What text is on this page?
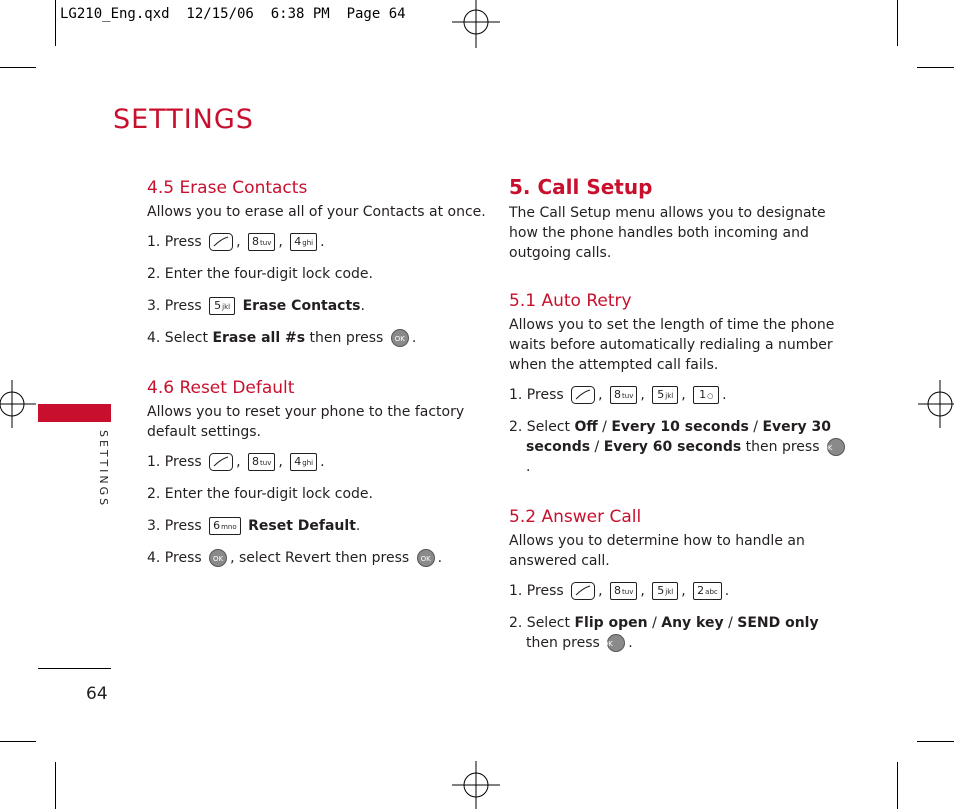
LG210_Eng.qxd  12/15/06  6:38 PM  Page 64
SETTINGS
SETTINGS
64
4.5 Erase Contacts
Allows you to erase all of your Contacts at once.
1. Press , 8tuv , 4ghi .
2. Enter the four-digit lock code.
3. Press 5jkl Erase Contacts.
4. Select Erase all #s then press OK .
4.6 Reset Default
Allows you to reset your phone to the factory default settings.
1. Press , 8tuv , 4ghi .
2. Enter the four-digit lock code.
3. Press 6mno Reset Default.
4. Press OK , select Revert then press OK .
5. Call Setup
The Call Setup menu allows you to designate how the phone handles both incoming and outgoing calls.
5.1 Auto Retry
Allows you to set the length of time the phone waits before automatically redialing a number when the attempted call fails.
1. Press , 8tuv , 5jkl , 1○ .
2. Select Off / Every 10 seconds / Every 30 seconds / Every 60 seconds then press OK.
5.2 Answer Call
Allows you to determine how to handle an answered call.
1. Press , 8tuv , 5jkl , 2abc .
2. Select Flip open / Any key / SEND only then press OK .
